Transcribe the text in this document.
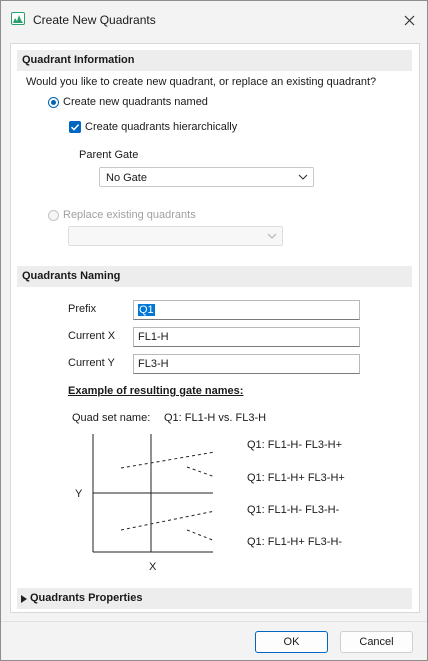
Create New Quadrants
Quadrant Information
Would you like to create new quadrant, or replace an existing quadrant?
Create new quadrants named
Create quadrants hierarchically
Parent Gate
No Gate
Replace existing quadrants
Quadrants Naming
Prefix	Q1
Current X	FL1-H
Current Y	FL3-H
Example of resulting gate names:
Quad set name: Q1: FL1-H vs. FL3-H
Y
X
Q1: FL1-H- FL3-H+
Q1: FL1-H+ FL3-H+
Q1: FL1-H- FL3-H-
Q1: FL1-H+ FL3-H-
Quadrants Properties
OK	Cancel
